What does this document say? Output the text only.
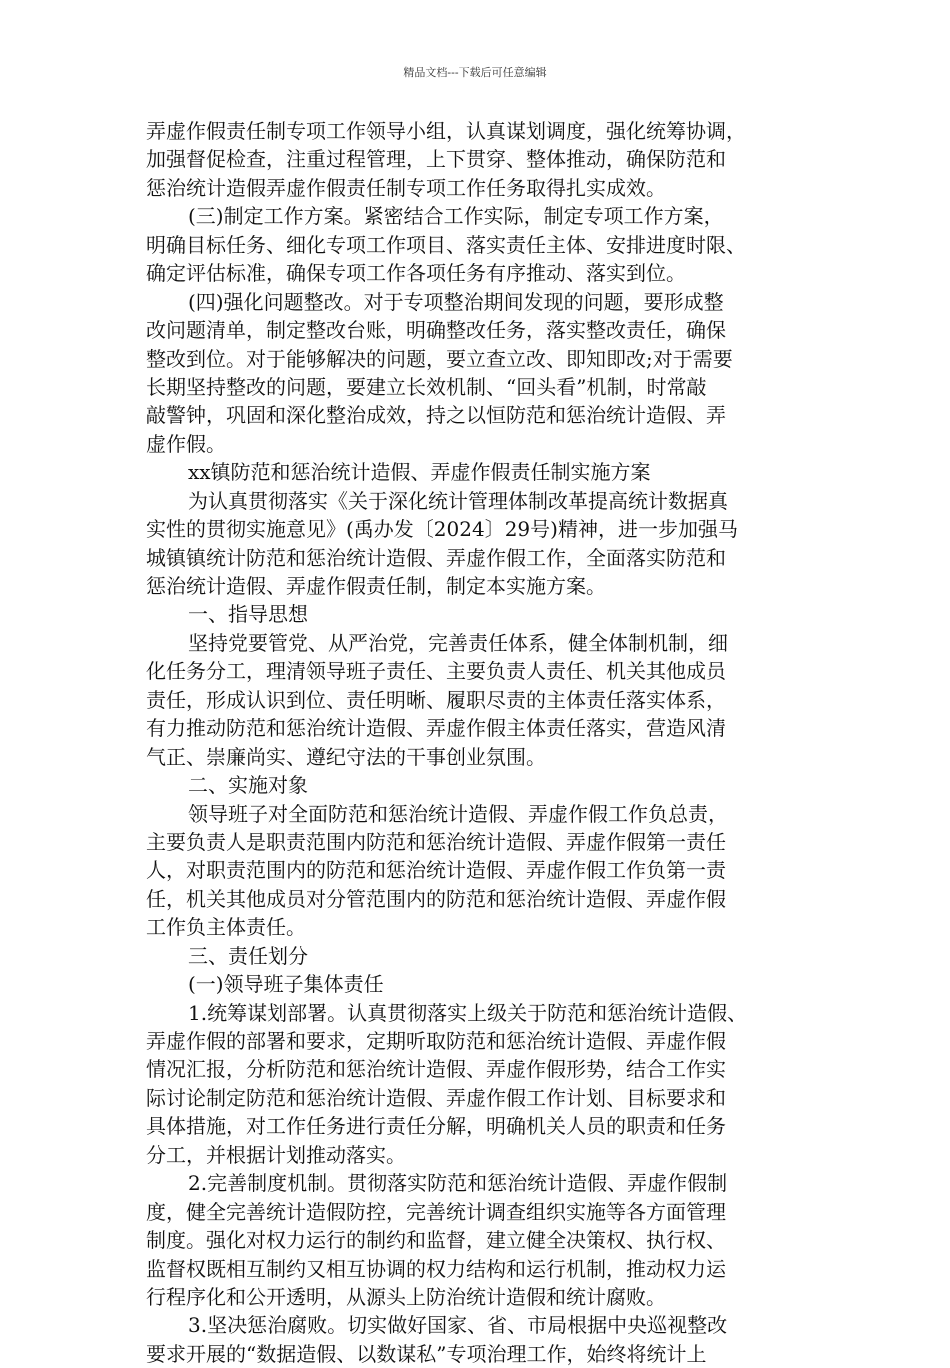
精品文档---下载后可任意编辑
弄虚作假责任制专项工作领导小组，认真谋划调度，强化统筹协调，
加强督促检查，注重过程管理，上下贯穿、整体推动，确保防范和
惩治统计造假弄虚作假责任制专项工作任务取得扎实成效。
(三)制定工作方案。紧密结合工作实际，制定专项工作方案，
明确目标任务、细化专项工作项目、落实责任主体、安排进度时限、
确定评估标准，确保专项工作各项任务有序推动、落实到位。
(四)强化问题整改。对于专项整治期间发现的问题，要形成整
改问题清单，制定整改台账，明确整改任务，落实整改责任，确保
整改到位。对于能够解决的问题，要立查立改、即知即改;对于需要
长期坚持整改的问题，要建立长效机制、“回头看”机制，时常敲
敲警钟，巩固和深化整治成效，持之以恒防范和惩治统计造假、弄
虚作假。
xx镇防范和惩治统计造假、弄虚作假责任制实施方案
为认真贯彻落实《关于深化统计管理体制改革提高统计数据真
实性的贯彻实施意见》(禹办发〔2024〕29号)精神，进一步加强马
城镇镇统计防范和惩治统计造假、弄虚作假工作，全面落实防范和
惩治统计造假、弄虚作假责任制，制定本实施方案。
一、指导思想
坚持党要管党、从严治党，完善责任体系，健全体制机制，细
化任务分工，理清领导班子责任、主要负责人责任、机关其他成员
责任，形成认识到位、责任明晰、履职尽责的主体责任落实体系，
有力推动防范和惩治统计造假、弄虚作假主体责任落实，营造风清
气正、崇廉尚实、遵纪守法的干事创业氛围。
二、实施对象
领导班子对全面防范和惩治统计造假、弄虚作假工作负总责，
主要负责人是职责范围内防范和惩治统计造假、弄虚作假第一责任
人，对职责范围内的防范和惩治统计造假、弄虚作假工作负第一责
任，机关其他成员对分管范围内的防范和惩治统计造假、弄虚作假
工作负主体责任。
三、责任划分
(一)领导班子集体责任
1.统筹谋划部署。认真贯彻落实上级关于防范和惩治统计造假、
弄虚作假的部署和要求，定期听取防范和惩治统计造假、弄虚作假
情况汇报，分析防范和惩治统计造假、弄虚作假形势，结合工作实
际讨论制定防范和惩治统计造假、弄虚作假工作计划、目标要求和
具体措施，对工作任务进行责任分解，明确机关人员的职责和任务
分工，并根据计划推动落实。
2.完善制度机制。贯彻落实防范和惩治统计造假、弄虚作假制
度，健全完善统计造假防控，完善统计调查组织实施等各方面管理
制度。强化对权力运行的制约和监督，建立健全决策权、执行权、
监督权既相互制约又相互协调的权力结构和运行机制，推动权力运
行程序化和公开透明，从源头上防治统计造假和统计腐败。
3.坚决惩治腐败。切实做好国家、省、市局根据中央巡视整改
要求开展的“数据造假、以数谋私”专项治理工作，始终将统计上
